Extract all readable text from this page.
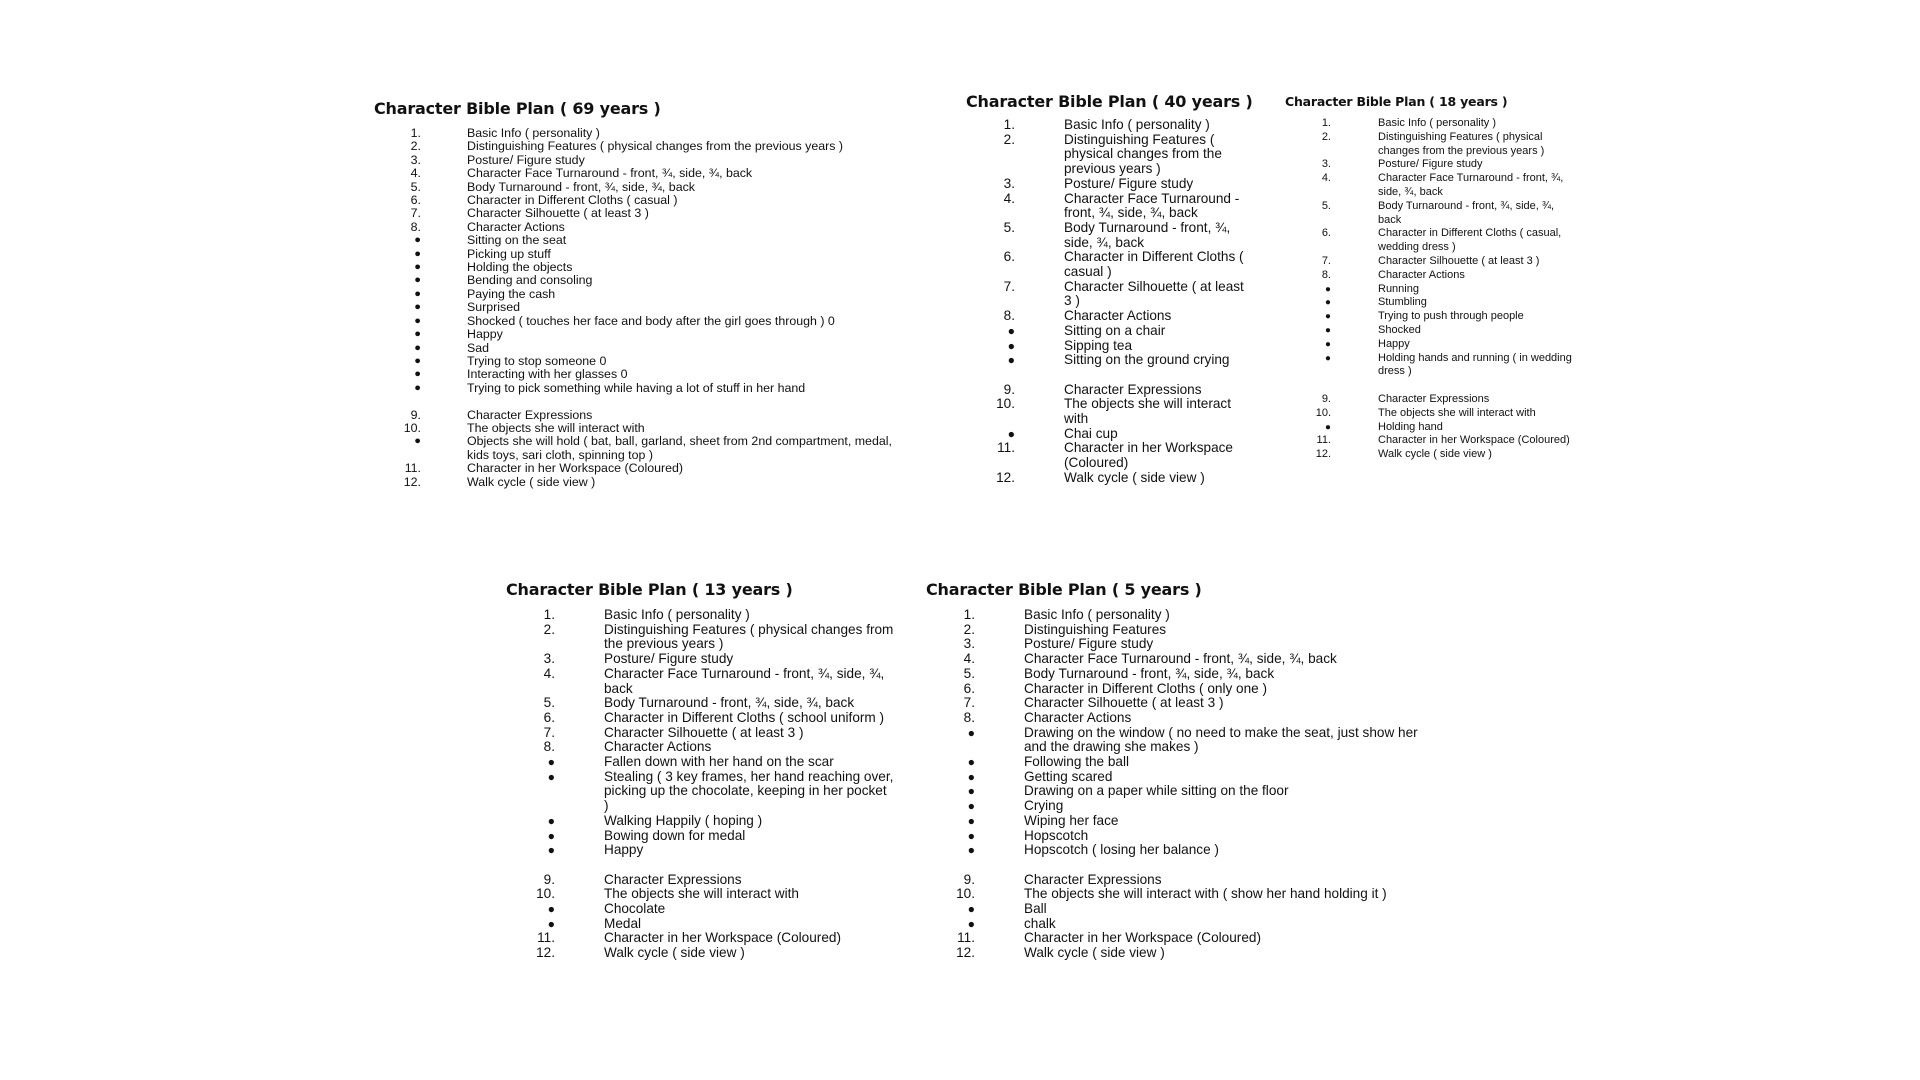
Character Bible Plan ( 69 years )
1.	Basic Info ( personality )
2.	Distinguishing Features ( physical changes from the previous years )
3.	Posture/ Figure study
4.	Character Face Turnaround - front, ¾, side, ¾, back
5.	Body Turnaround - front, ¾, side, ¾, back
6.	Character in Different Cloths ( casual )
7.	Character Silhouette ( at least 3 )
8.	Character Actions
●	Sitting on the seat
●	Picking up stuff
●	Holding the objects
●	Bending and consoling
●	Paying the cash
●	Surprised
●	Shocked ( touches her face and body after the girl goes through ) 0
●	Happy
●	Sad
●	Trying to stop someone 0
●	Interacting with her glasses 0
●	Trying to pick something while having a lot of stuff in her hand
9.	Character Expressions
10.	The objects she will interact with
●	Objects she will hold ( bat, ball, garland, sheet from 2nd compartment, medal, kids toys, sari cloth, spinning top )
11.	Character in her Workspace (Coloured)
12.	Walk cycle ( side view )
Character Bible Plan ( 40 years )
1.	Basic Info ( personality )
2.	Distinguishing Features ( physical changes from the previous years )
3.	Posture/ Figure study
4.	Character Face Turnaround - front, ¾, side, ¾, back
5.	Body Turnaround - front, ¾, side, ¾, back
6.	Character in Different Cloths ( casual )
7.	Character Silhouette ( at least 3 )
8.	Character Actions
●	Sitting on a chair
●	Sipping tea
●	Sitting on the ground crying
9.	Character Expressions
10.	The objects she will interact with
●	Chai cup
11.	Character in her Workspace (Coloured)
12.	Walk cycle ( side view )
Character Bible Plan ( 18 years )
1.	Basic Info ( personality )
2.	Distinguishing Features ( physical changes from the previous years )
3.	Posture/ Figure study
4.	Character Face Turnaround - front, ¾, side, ¾, back
5.	Body Turnaround - front, ¾, side, ¾, back
6.	Character in Different Cloths ( casual, wedding dress )
7.	Character Silhouette ( at least 3 )
8.	Character Actions
●	Running
●	Stumbling
●	Trying to push through people
●	Shocked
●	Happy
●	Holding hands and running ( in wedding dress )
9.	Character Expressions
10.	The objects she will interact with
●	Holding hand
11.	Character in her Workspace (Coloured)
12.	Walk cycle ( side view )
Character Bible Plan ( 13 years )
1.	Basic Info ( personality )
2.	Distinguishing Features ( physical changes from the previous years )
3.	Posture/ Figure study
4.	Character Face Turnaround - front, ¾, side, ¾, back
5.	Body Turnaround - front, ¾, side, ¾, back
6.	Character in Different Cloths ( school uniform )
7.	Character Silhouette ( at least 3 )
8.	Character Actions
●	Fallen down with her hand on the scar
●	Stealing ( 3 key frames, her hand reaching over, picking up the chocolate, keeping in her pocket )
●	Walking Happily ( hoping )
●	Bowing down for medal
●	Happy
9.	Character Expressions
10.	The objects she will interact with
●	Chocolate
●	Medal
11.	Character in her Workspace (Coloured)
12.	Walk cycle ( side view )
Character Bible Plan ( 5 years )
1.	Basic Info ( personality )
2.	Distinguishing Features
3.	Posture/ Figure study
4.	Character Face Turnaround - front, ¾, side, ¾, back
5.	Body Turnaround - front, ¾, side, ¾, back
6.	Character in Different Cloths ( only one )
7.	Character Silhouette ( at least 3 )
8.	Character Actions
●	Drawing on the window ( no need to make the seat, just show her and the drawing she makes )
●	Following the ball
●	Getting scared
●	Drawing on a paper while sitting on the floor
●	Crying
●	Wiping her face
●	Hopscotch
●	Hopscotch ( losing her balance )
9.	Character Expressions
10.	The objects she will interact with ( show her hand holding it )
●	Ball
●	chalk
11.	Character in her Workspace (Coloured)
12.	Walk cycle ( side view )
